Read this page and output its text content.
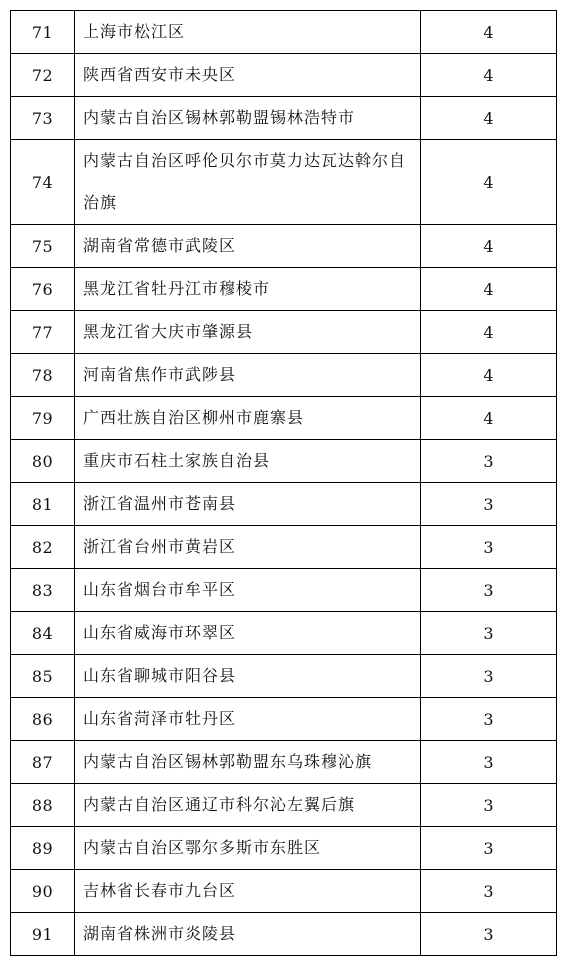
71	上海市松江区	4
72	陕西省西安市未央区	4
73	内蒙古自治区锡林郭勒盟锡林浩特市	4
74	内蒙古自治区呼伦贝尔市莫力达瓦达斡尔自治旗	4
75	湖南省常德市武陵区	4
76	黑龙江省牡丹江市穆棱市	4
77	黑龙江省大庆市肇源县	4
78	河南省焦作市武陟县	4
79	广西壮族自治区柳州市鹿寨县	4
80	重庆市石柱土家族自治县	3
81	浙江省温州市苍南县	3
82	浙江省台州市黄岩区	3
83	山东省烟台市牟平区	3
84	山东省威海市环翠区	3
85	山东省聊城市阳谷县	3
86	山东省菏泽市牡丹区	3
87	内蒙古自治区锡林郭勒盟东乌珠穆沁旗	3
88	内蒙古自治区通辽市科尔沁左翼后旗	3
89	内蒙古自治区鄂尔多斯市东胜区	3
90	吉林省长春市九台区	3
91	湖南省株洲市炎陵县	3
